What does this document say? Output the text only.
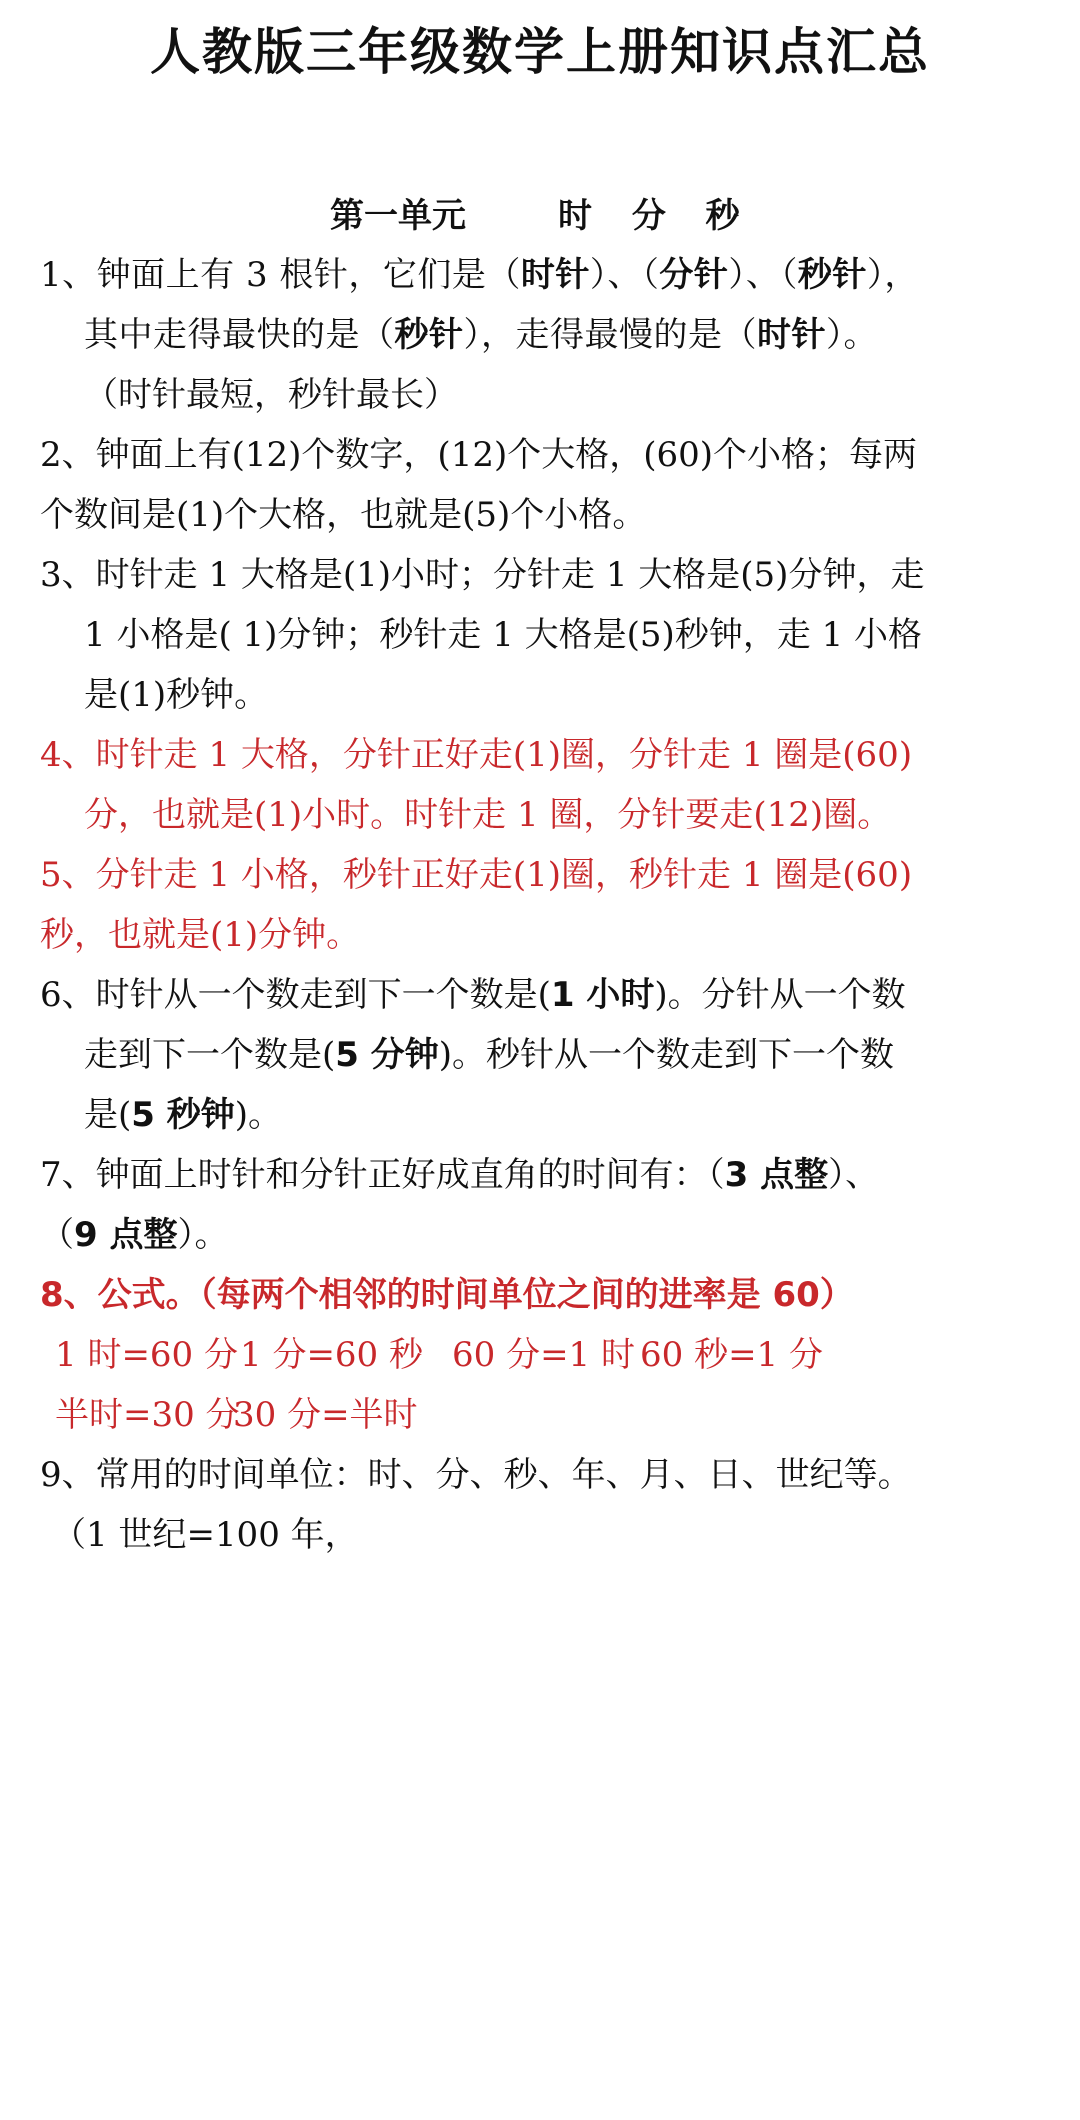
人教版三年级数学上册知识点汇总
第一单元	时 分 秒
1、钟面上有 3 根针，它们是（时针）、（分针）、（秒针），
其中走得最快的是（秒针），走得最慢的是（时针）。
（时针最短，秒针最长）
2、钟面上有(12)个数字，(12)个大格，(60)个小格；每两
个数间是(1)个大格，也就是(5)个小格。
3、时针走 1 大格是(1)小时；分针走 1 大格是(5)分钟，走
1 小格是( 1)分钟；秒针走 1 大格是(5)秒钟，走 1 小格
是(1)秒钟。
4、时针走 1 大格，分针正好走(1)圈，分针走 1 圈是(60)
分，也就是(1)小时。时针走 1 圈，分针要走(12)圈。
5、分针走 1 小格，秒针正好走(1)圈，秒针走 1 圈是(60)
秒，也就是(1)分钟。
6、时针从一个数走到下一个数是(1 小时)。分针从一个数
走到下一个数是(5 分钟)。秒针从一个数走到下一个数
是(5 秒钟)。
7、钟面上时针和分针正好成直角的时间有：（3 点整）、
（9 点整）。
8、公式。（每两个相邻的时间单位之间的进率是 60）
1 时=60 分 1 分=60 秒 60 分=1 时 60 秒=1 分
半时=30 分
30 分=半时
9、常用的时间单位：时、分、秒、年、月、日、世纪等。
（1 世纪=100 年，
